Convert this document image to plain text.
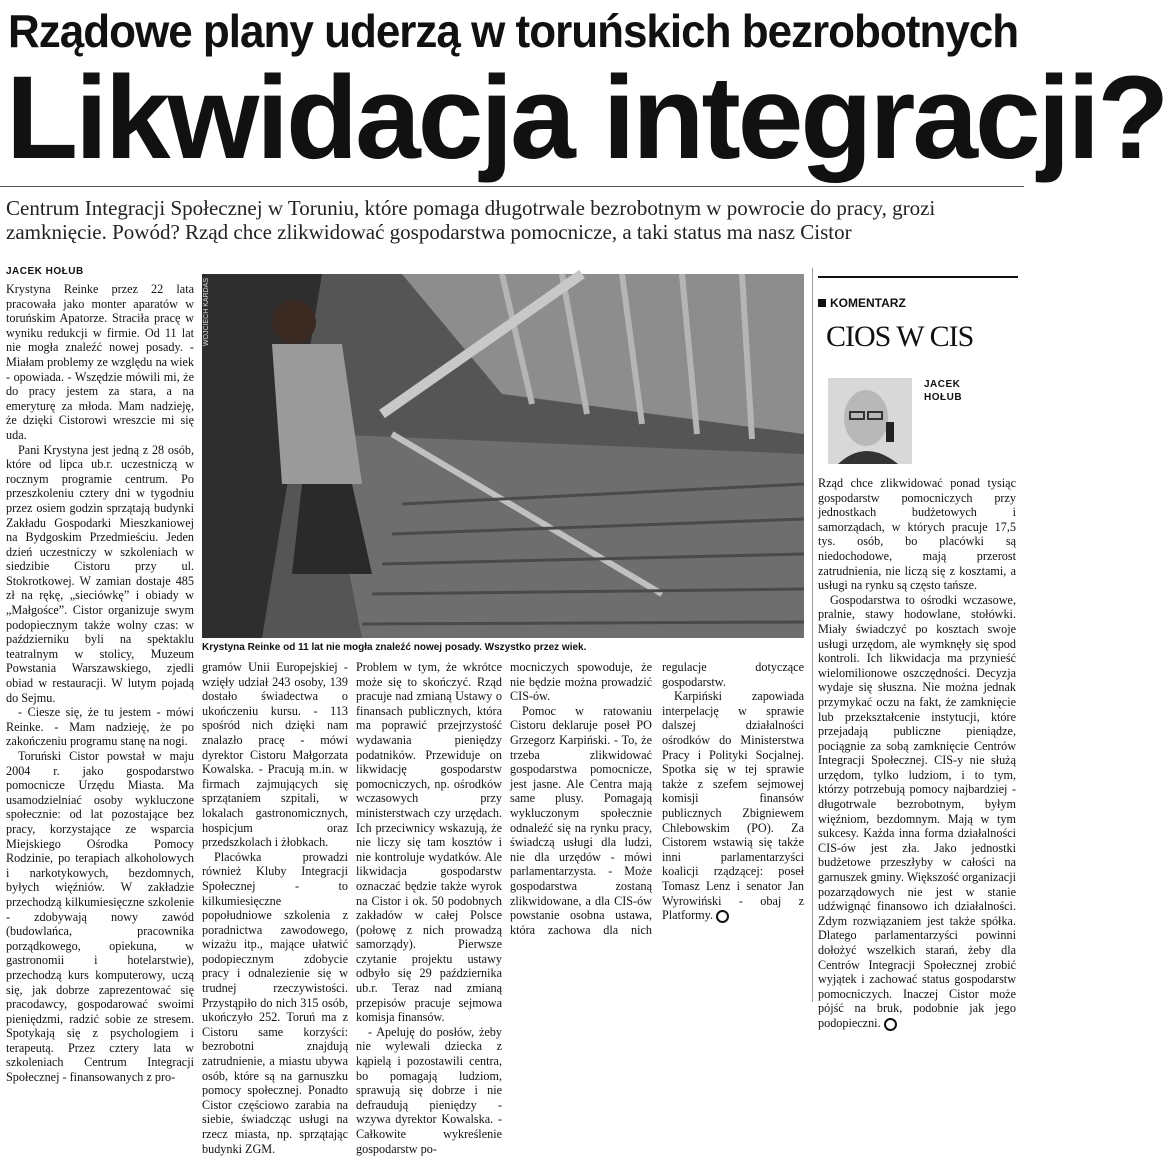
Rządowe plany uderzą w toruńskich bezrobotnych
Likwidacja integracji?
Centrum Integracji Społecznej w Toruniu, które pomaga długotrwale bezrobotnym w powrocie do pracy, grozi zamknięcie. Powód? Rząd chce zlikwidować gospodarstwa pomocnicze, a taki status ma nasz Cistor
JACEK HOŁUB

Krystyna Reinke przez 22 lata pracowała jako monter aparatów w toruńskim Apatorze. Straciła pracę w wyniku redukcji w firmie. Od 11 lat nie mogła znaleźć nowej posady. - Miałam problemy ze względu na wiek - opowiada. - Wszędzie mówili mi, że do pracy jestem za stara, a na emeryturę za młoda. Mam nadzieję, że dzięki Cistorowi wreszcie mi się uda.

Pani Krystyna jest jedną z 28 osób, które od lipca ub.r. uczestniczą w rocznym programie centrum. Po przeszkoleniu cztery dni w tygodniu przez osiem godzin sprzątają budynki Zakładu Gospodarki Mieszkaniowej na Bydgoskim Przedmieściu. Jeden dzień uczestniczy w szkoleniach w siedzibie Cistoru przy ul. Stokrotkowej. W zamian dostaje 485 zł na rękę, „sieciówkę” i obiady w „Małgośce”. Cistor organizuje swym podopiecznym także wolny czas: w październiku byli na spektaklu teatralnym w stolicy, Muzeum Powstania Warszawskiego, zjedli obiad w restauracji. W lutym pojadą do Sejmu.

- Ciesze się, że tu jestem - mówi Reinke. - Mam nadzieję, że po zakończeniu programu stanę na nogi.

Toruński Cistor powstał w maju 2004 r. jako gospodarstwo pomocnicze Urzędu Miasta. Ma usamodzielniać osoby wykluczone społecznie: od lat pozostające bez pracy, korzystające ze wsparcia Miejskiego Ośrodka Pomocy Rodzinie, po terapiach alkoholowych i narkotykowych, bezdomnych, byłych więźniów. W zakładzie przechodzą kilkumiesięczne szkolenie - zdobywają nowy zawód (budowlańca, pracownika porządkowego, opiekuna, w gastronomii i hotelarstwie), przechodzą kurs komputerowy, uczą się, jak dobrze zaprezentować się pracodawcy, gospodarować swoimi pieniędzmi, radzić sobie ze stresem. Spotykają się z psychologiem i terapeutą. Przez cztery lata w szkoleniach Centrum Integracji Społecznej - finansowanych z pro-

WOJCIECH KARDAS
Krystyna Reinke od 11 lat nie mogła znaleźć nowej posady. Wszystko przez wiek.

gramów Unii Europejskiej - wzięły udział 243 osoby, 139 dostało świadectwa o ukończeniu kursu. - 113 spośród nich dzięki nam znalazło pracę - mówi dyrektor Cistoru Małgorzata Kowalska. - Pracują m.in. w firmach zajmujących się sprzątaniem szpitali, w lokalach gastronomicznych, hospicjum oraz przedszkolach i żłobkach.

Placówka prowadzi również Kluby Integracji Społecznej - to kilkumiesięczne popołudniowe szkolenia z poradnictwa zawodowego, wizażu itp., mające ułatwić podopiecznym zdobycie pracy i odnalezienie się w trudnej rzeczywistości. Przystąpiło do nich 315 osób, ukończyło 252. Toruń ma z Cistoru same korzyści: bezrobotni znajdują zatrudnienie, a miastu ubywa osób, które są na garnuszku pomocy społecznej. Ponadto Cistor częściowo zarabia na siebie, świadcząc usługi na rzecz miasta, np. sprzątając budynki ZGM.

Problem w tym, że wkrótce może się to skończyć. Rząd pracuje nad zmianą Ustawy o finansach publicznych, która ma poprawić przejrzystość wydawania pieniędzy podatników. Przewiduje on likwidację gospodarstw pomocniczych, np. ośrodków wczasowych przy ministerstwach czy urzędach. Ich przeciwnicy wskazują, że nie liczy się tam kosztów i nie kontroluje wydatków. Ale likwidacja gospodarstw oznaczać będzie także wyrok na Cistor i ok. 50 podobnych zakładów w całej Polsce (połowę z nich prowadzą samorządy). Pierwsze czytanie projektu ustawy odbyło się 29 października ub.r. Teraz nad zmianą przepisów pracuje sejmowa komisja finansów.

- Apeluję do posłów, żeby nie wylewali dziecka z kąpielą i pozostawili centra, bo pomagają ludziom, sprawują się dobrze i nie defraudują pieniędzy - wzywa dyrektor Kowalska. - Całkowite wykreślenie gospodarstw po-

mocniczych spowoduje, że nie będzie można prowadzić CIS-ów.

Pomoc w ratowaniu Cistoru deklaruje poseł PO Grzegorz Karpiński. - To, że trzeba zlikwidować gospodarstwa pomocnicze, jest jasne. Ale Centra mają same plusy. Pomagają wykluczonym społecznie odnaleźć się na rynku pracy, świadczą usługi dla ludzi, nie dla urzędów - mówi parlamentarzysta. - Może gospodarstwa zostaną zlikwidowane, a dla CIS-ów powstanie osobna ustawa, która zachowa dla nich regulacje dotyczące gospodarstw.

Karpiński zapowiada interpelację w sprawie dalszej działalności ośrodków do Ministerstwa Pracy i Polityki Socjalnej. Spotka się w tej sprawie także z szefem sejmowej komisji finansów publicznych Zbigniewem Chlebowskim (PO). Za Cistorem wstawią się także inni parlamentarzyści koalicji rządzącej: poseł Tomasz Lenz i senator Jan Wyrowiński - obaj z Platformy.

KOMENTARZ
CIOS W CIS
JACEK HOŁUB

Rząd chce zlikwidować ponad tysiąc gospodarstw pomocniczych przy jednostkach budżetowych i samorządach, w których pracuje 17,5 tys. osób, bo placówki są niedochodowe, mają przerost zatrudnienia, nie liczą się z kosztami, a usługi na rynku są często tańsze.

Gospodarstwa to ośrodki wczasowe, pralnie, stawy hodowlane, stołówki. Miały świadczyć po kosztach swoje usługi urzędom, ale wymknęły się spod kontroli. Ich likwidacja ma przynieść wielomilionowe oszczędności. Decyzja wydaje się słuszna. Nie można jednak przymykać oczu na fakt, że zamknięcie lub przekształcenie instytucji, które przejadają publiczne pieniądze, pociągnie za sobą zamknięcie Centrów Integracji Społecznej. CIS-y nie służą urzędom, tylko ludziom, i to tym, którzy potrzebują pomocy najbardziej - długotrwale bezrobotnym, byłym więźniom, bezdomnym. Mają w tym sukcesy. Każda inna forma działalności CIS-ów jest zła. Jako jednostki budżetowe przeszłyby w całości na garnuszek gminy. Większość organizacji pozarządowych nie jest w stanie udźwignąć finansowo ich działalności. Zdym rozwiązaniem jest także spółka. Dlatego parlamentarzyści powinni dołożyć wszelkich starań, żeby dla Centrów Integracji Społecznej zrobić wyjątek i zachować status gospodarstw pomocniczych. Inaczej Cistor może pójść na bruk, podobnie jak jego podopieczni.
